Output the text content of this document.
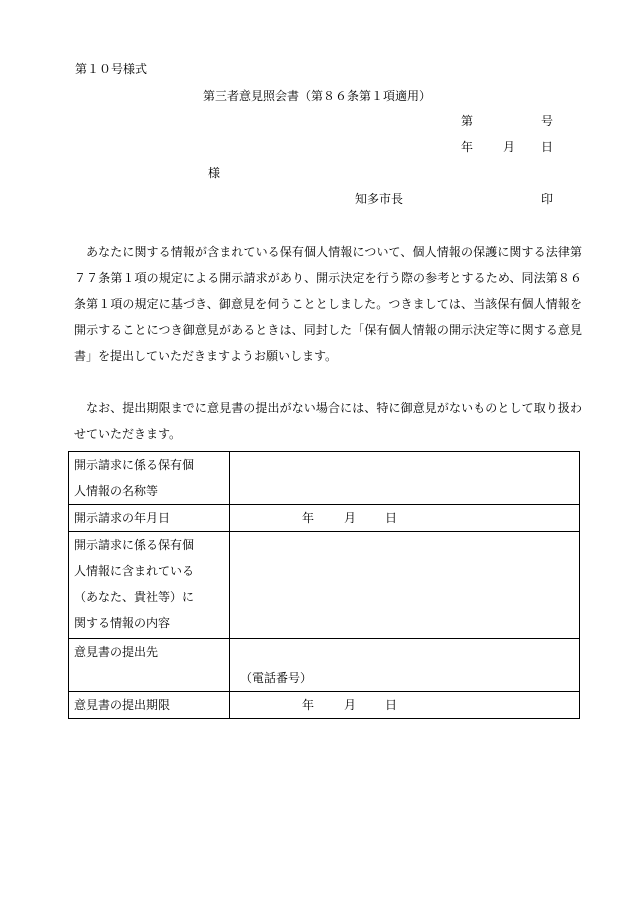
第１０号様式
第三者意見照会書（第８６条第１項適用）
第	号
年 月 日
様
知多市長	印

あなたに関する情報が含まれている保有個人情報について、個人情報の保護に関する法律第７７条第１項の規定による開示請求があり、開示決定を行う際の参考とするため、同法第８６条第１項の規定に基づき、御意見を伺うこととしました。つきましては、当該保有個人情報を開示することにつき御意見があるときは、同封した「保有個人情報の開示決定等に関する意見書」を提出していただきますようお願いします。

なお、提出期限までに意見書の提出がない場合には、特に御意見がないものとして取り扱わせていただきます。

開示請求に係る保有個
人情報の名称等	

開示請求の年月日	年 月 日

開示請求に係る保有個
人情報に含まれている
（あなた、貴社等）に
関する情報の内容	

意見書の提出先	（電話番号）

意見書の提出期限	年 月 日
